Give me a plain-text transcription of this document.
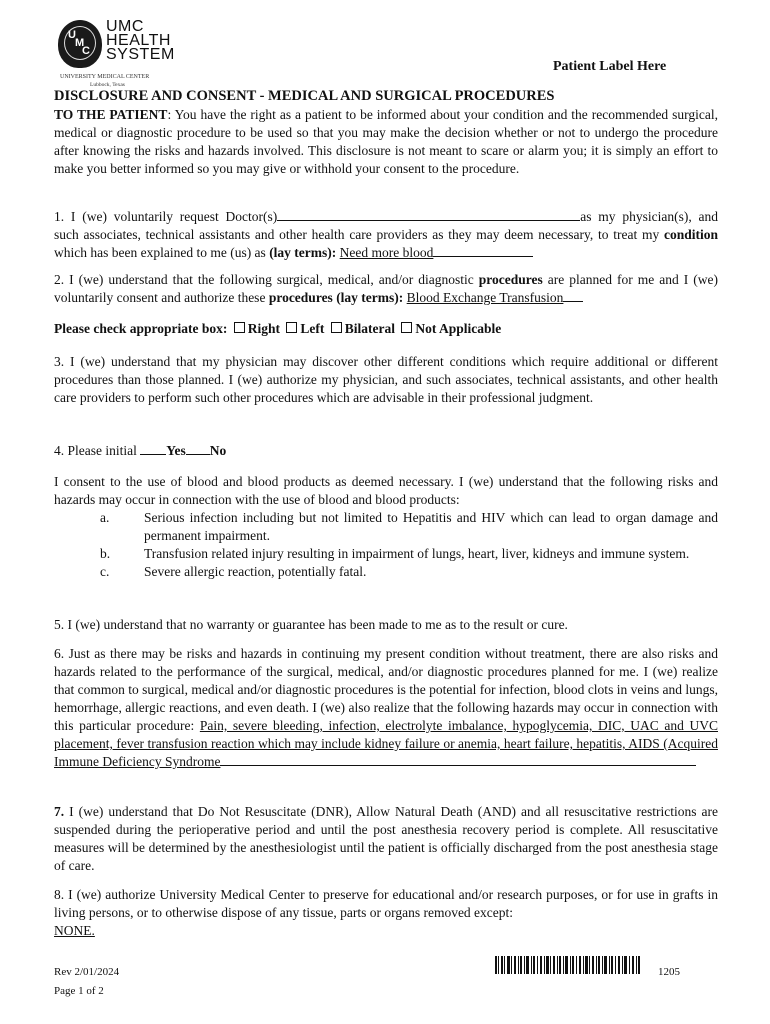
U
M
C
UMC
HEALTH
SYSTEM
UNIVERSITY MEDICAL CENTER
Lubbock, Texas
Patient Label Here
DISCLOSURE AND CONSENT - MEDICAL AND SURGICAL PROCEDURES

TO THE PATIENT: You have the right as a patient to be informed about your condition and the recommended surgical, medical or diagnostic procedure to be used so that you may make the decision whether or not to undergo the procedure after knowing the risks and hazards involved. This disclosure is not meant to scare or alarm you; it is simply an effort to make you better informed so you may give or withhold your consent to the procedure.

1. I (we) voluntarily request Doctor(s)	as my physician(s), and such associates, technical assistants and other health care providers as they may deem necessary, to treat my condition which has been explained to me (us) as (lay terms): Need more blood

2. I (we) understand that the following surgical, medical, and/or diagnostic procedures are planned for me and I (we) voluntarily consent and authorize these procedures (lay terms): Blood Exchange Transfusion

Please check appropriate box: Right Left Bilateral Not Applicable

3. I (we) understand that my physician may discover other different conditions which require additional or different procedures than those planned. I (we) authorize my physician, and such associates, technical assistants, and other health care providers to perform such other procedures which are advisable in their professional judgment.

4. Please initial Yes No

I consent to the use of blood and blood products as deemed necessary. I (we) understand that the following risks and hazards may occur in connection with the use of blood and blood products:

a.	Serious infection including but not limited to Hepatitis and HIV which can lead to organ damage and permanent impairment.
b.	Transfusion related injury resulting in impairment of lungs, heart, liver, kidneys and immune system.
c.	Severe allergic reaction, potentially fatal.

5. I (we) understand that no warranty or guarantee has been made to me as to the result or cure.

6. Just as there may be risks and hazards in continuing my present condition without treatment, there are also risks and hazards related to the performance of the surgical, medical, and/or diagnostic procedures planned for me. I (we) realize that common to surgical, medical and/or diagnostic procedures is the potential for infection, blood clots in veins and lungs, hemorrhage, allergic reactions, and even death. I (we) also realize that the following hazards may occur in connection with this particular procedure: Pain, severe bleeding, infection, electrolyte imbalance, hypoglycemia, DIC, UAC and UVC placement, fever transfusion reaction which may include kidney failure or anemia, heart failure, hepatitis, AIDS (Acquired Immune Deficiency Syndrome

7. I (we) understand that Do Not Resuscitate (DNR), Allow Natural Death (AND) and all resuscitative restrictions are suspended during the perioperative period and until the post anesthesia recovery period is complete. All resuscitative measures will be determined by the anesthesiologist until the patient is officially discharged from the post anesthesia stage of care.

8. I (we) authorize University Medical Center to preserve for educational and/or research purposes, or for use in grafts in living persons, or to otherwise dispose of any tissue, parts or organs removed except:
NONE.

Rev 2/01/2024
Page 1 of 2
1205
